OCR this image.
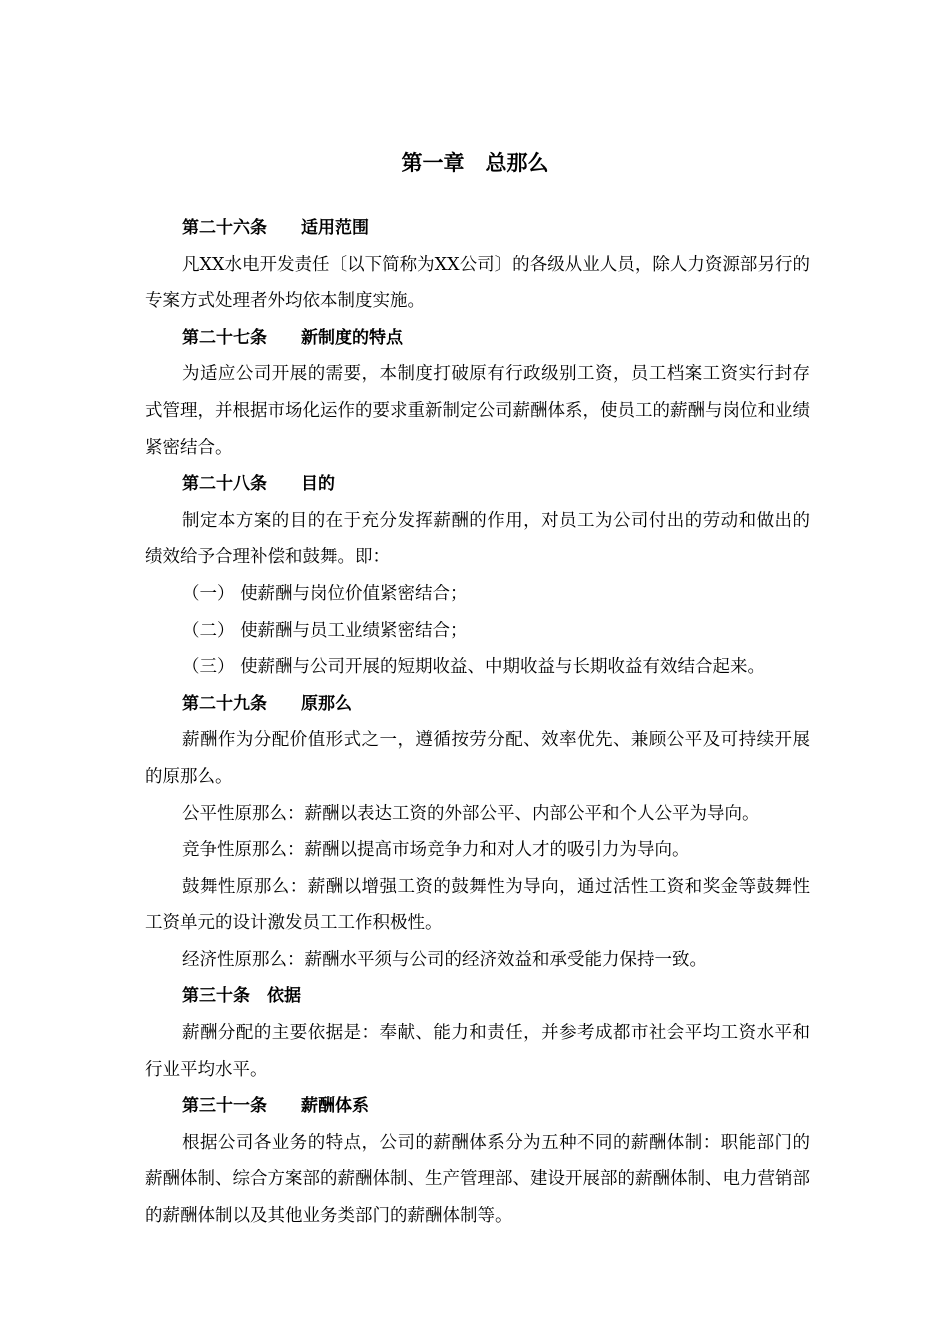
第一章　总那么

第二十六条　　适用范围

凡XX水电开发责任〔以下简称为XX公司〕的各级从业人员，除人力资源部另行的专案方式处理者外均依本制度实施。

第二十七条　　新制度的特点

为适应公司开展的需要，本制度打破原有行政级别工资，员工档案工资实行封存式管理，并根据市场化运作的要求重新制定公司薪酬体系，使员工的薪酬与岗位和业绩紧密结合。

第二十八条　　目的

制定本方案的目的在于充分发挥薪酬的作用，对员工为公司付出的劳动和做出的绩效给予合理补偿和鼓舞。即：

（一） 使薪酬与岗位价值紧密结合；

（二） 使薪酬与员工业绩紧密结合；

（三） 使薪酬与公司开展的短期收益、中期收益与长期收益有效结合起来。

第二十九条　　原那么

薪酬作为分配价值形式之一，遵循按劳分配、效率优先、兼顾公平及可持续开展的原那么。

公平性原那么：薪酬以表达工资的外部公平、内部公平和个人公平为导向。

竞争性原那么：薪酬以提高市场竞争力和对人才的吸引力为导向。

鼓舞性原那么：薪酬以增强工资的鼓舞性为导向，通过活性工资和奖金等鼓舞性工资单元的设计激发员工工作积极性。

经济性原那么：薪酬水平须与公司的经济效益和承受能力保持一致。

第三十条　依据

薪酬分配的主要依据是：奉献、能力和责任，并参考成都市社会平均工资水平和行业平均水平。

第三十一条　　薪酬体系

根据公司各业务的特点，公司的薪酬体系分为五种不同的薪酬体制：职能部门的薪酬体制、综合方案部的薪酬体制、生产管理部、建设开展部的薪酬体制、电力营销部的薪酬体制以及其他业务类部门的薪酬体制等。
